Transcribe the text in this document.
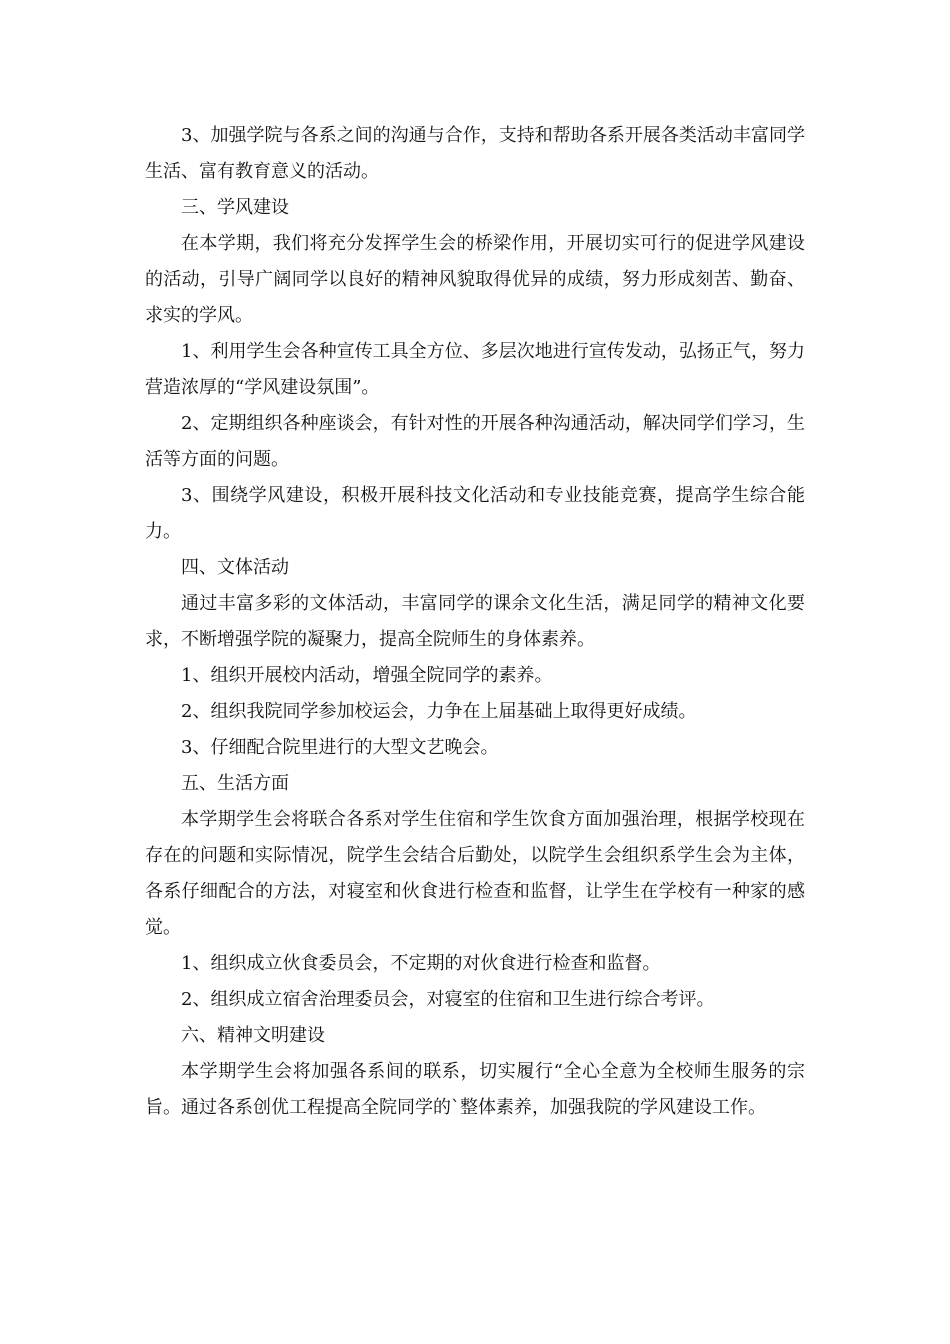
3、加强学院与各系之间的沟通与合作，支持和帮助各系开展各类活动丰富同学生活、富有教育意义的活动。

三、学风建设

在本学期，我们将充分发挥学生会的桥梁作用，开展切实可行的促进学风建设的活动，引导广阔同学以良好的精神风貌取得优异的成绩，努力形成刻苦、勤奋、求实的学风。

1、利用学生会各种宣传工具全方位、多层次地进行宣传发动，弘扬正气，努力营造浓厚的“学风建设氛围”。

2、定期组织各种座谈会，有针对性的开展各种沟通活动，解决同学们学习，生活等方面的问题。

3、围绕学风建设，积极开展科技文化活动和专业技能竞赛，提高学生综合能力。

四、文体活动

通过丰富多彩的文体活动，丰富同学的课余文化生活，满足同学的精神文化要求，不断增强学院的凝聚力，提高全院师生的身体素养。

1、组织开展校内活动，增强全院同学的素养。

2、组织我院同学参加校运会，力争在上届基础上取得更好成绩。

3、仔细配合院里进行的大型文艺晚会。

五、生活方面

本学期学生会将联合各系对学生住宿和学生饮食方面加强治理，根据学校现在存在的问题和实际情况，院学生会结合后勤处，以院学生会组织系学生会为主体，各系仔细配合的方法，对寝室和伙食进行检查和监督，让学生在学校有一种家的感觉。

1、组织成立伙食委员会，不定期的对伙食进行检查和监督。

2、组织成立宿舍治理委员会，对寝室的住宿和卫生进行综合考评。

六、精神文明建设

本学期学生会将加强各系间的联系，切实履行“全心全意为全校师生服务的宗旨。通过各系创优工程提高全院同学的`整体素养，加强我院的学风建设工作。
